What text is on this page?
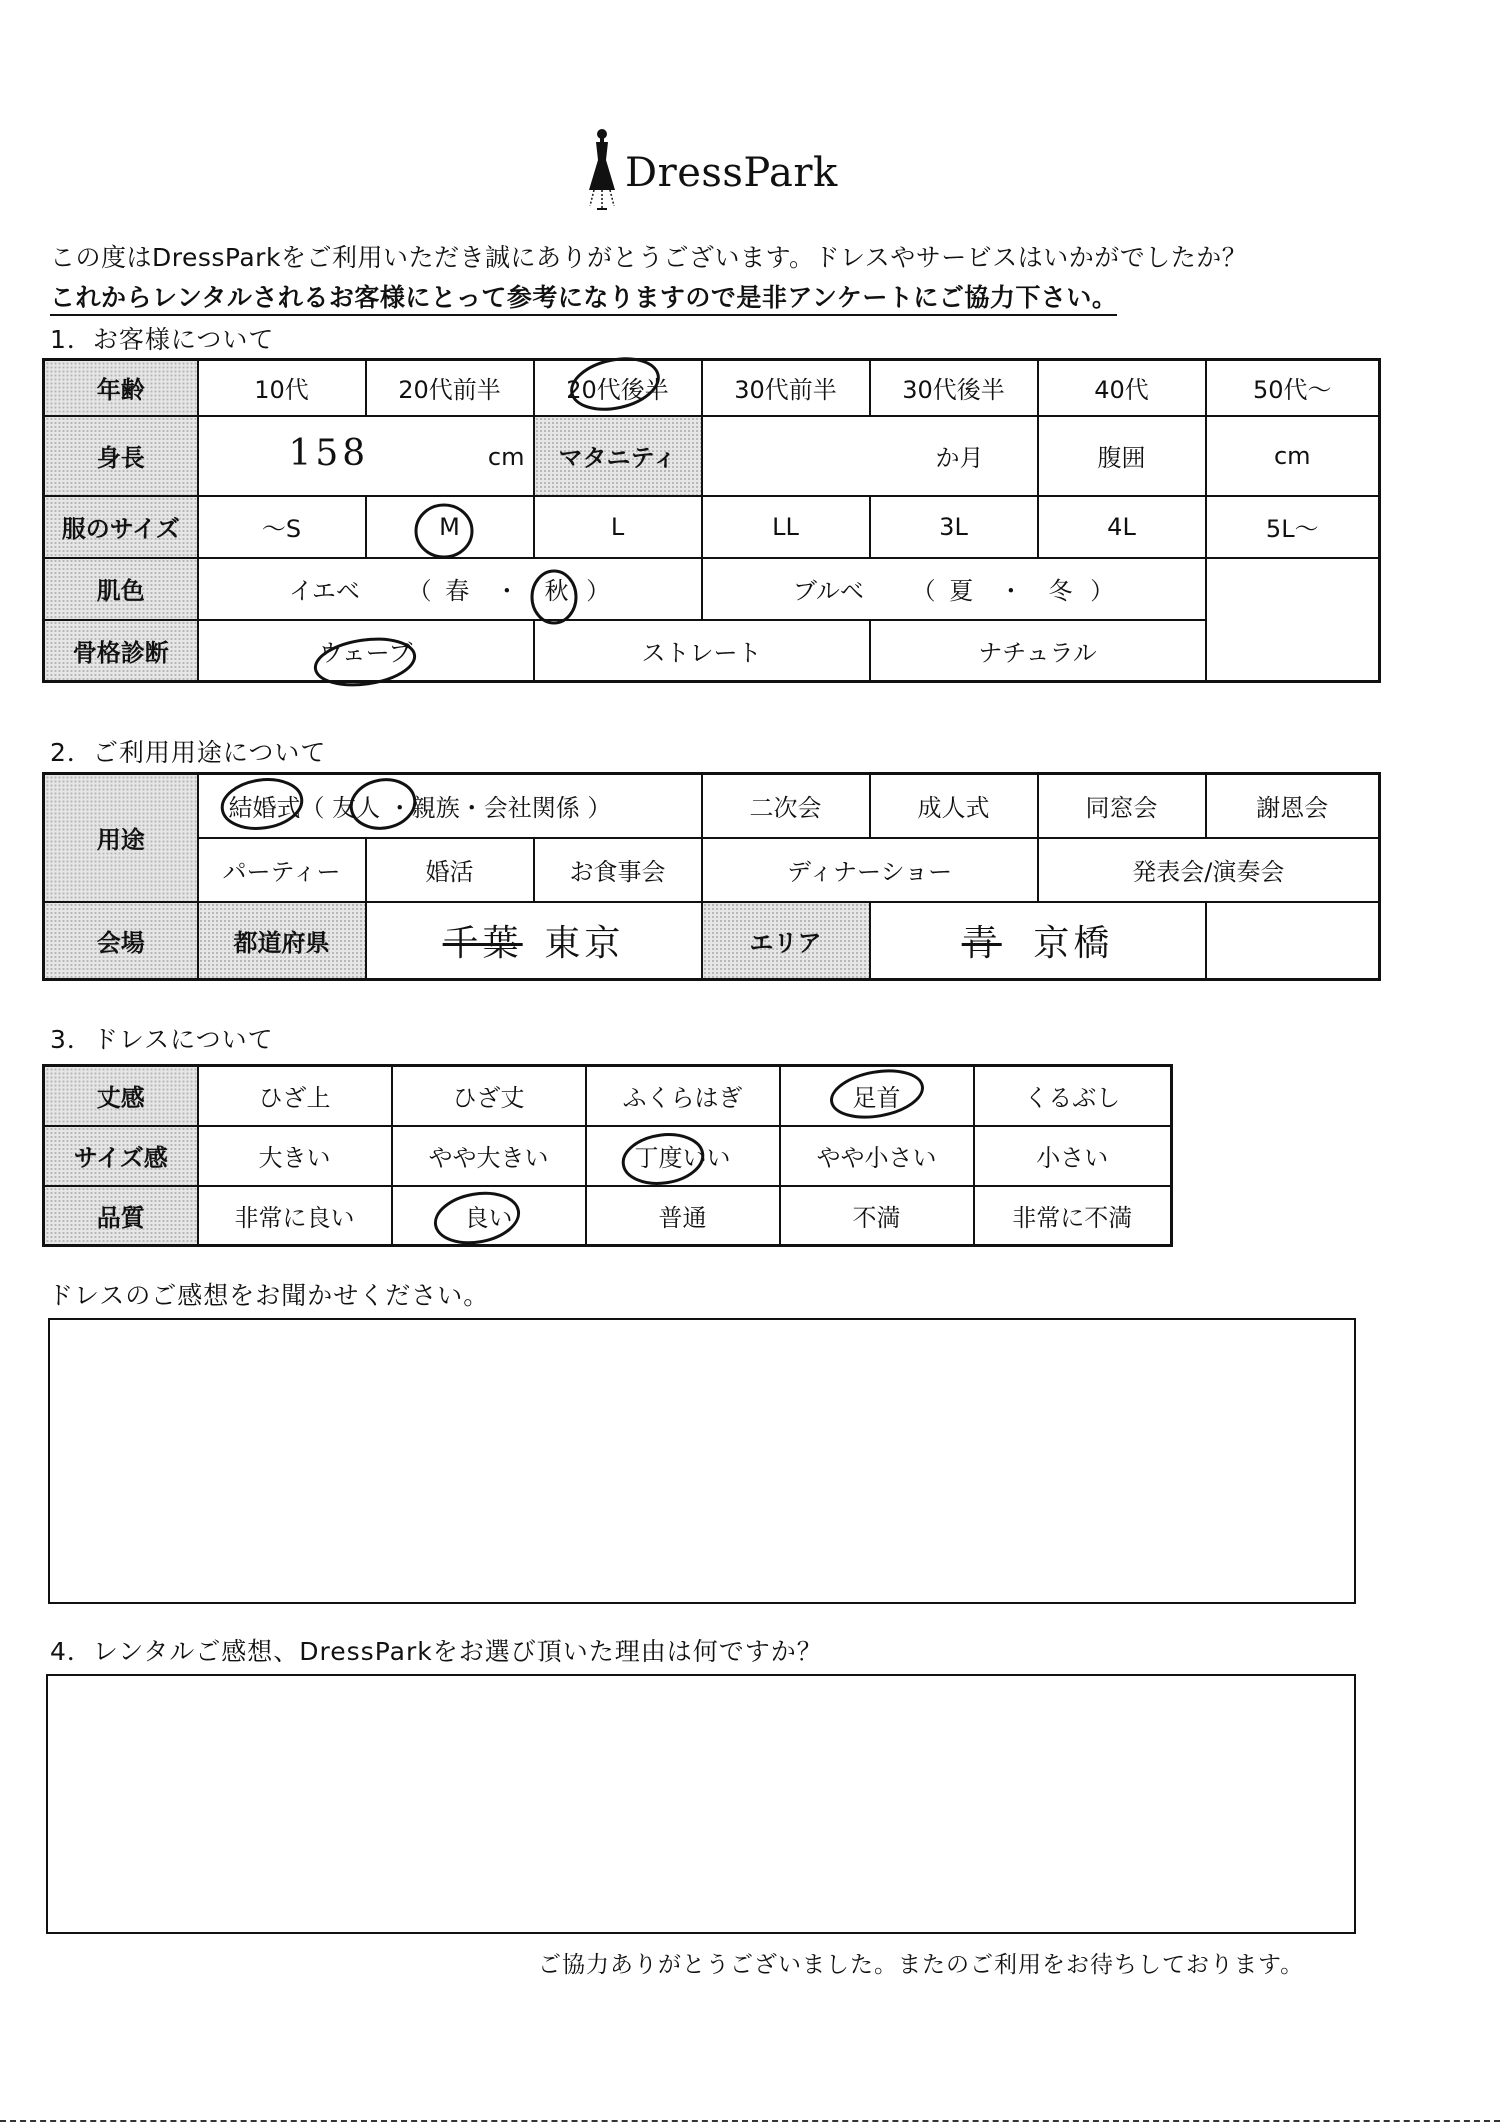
DressPark
この度はDressParkをご利用いただき誠にありがとうございます。ドレスやサービスはいかがでしたか？
これからレンタルされるお客様にとって参考になりますので是非アンケートにご協力下さい。
1．お客様について
年齢	10代	20代前半	20代後半	30代前半	30代後半	40代	50代～
身長	158 cm		マタニティ	か月		腹囲	cm
服のサイズ	～S	M	L	LL	3L	4L	5L～
肌色	イエベ （ 春 ・ 秋 ）			ブルベ （ 夏 ・ 冬 ）			
骨格診断	ウェーブ		ストレート		ナチュラル		
2．ご利用用途について
用途	結婚式（ 友人 ・親族・会社関係 ）			二次会	成人式	同窓会	謝恩会
	パーティー	婚活	お食事会	ディナーショー		発表会/演奏会	
会場	都道府県	千葉 東京		エリア	青 京橋		
3．ドレスについて
丈感	ひざ上	ひざ丈	ふくらはぎ	足首	くるぶし
サイズ感	大きい	やや大きい	丁度いい	やや小さい	小さい
品質	非常に良い	良い	普通	不満	非常に不満
ドレスのご感想をお聞かせください。
4．レンタルご感想、DressParkをお選び頂いた理由は何ですか？
ご協力ありがとうございました。またのご利用をお待ちしております。
